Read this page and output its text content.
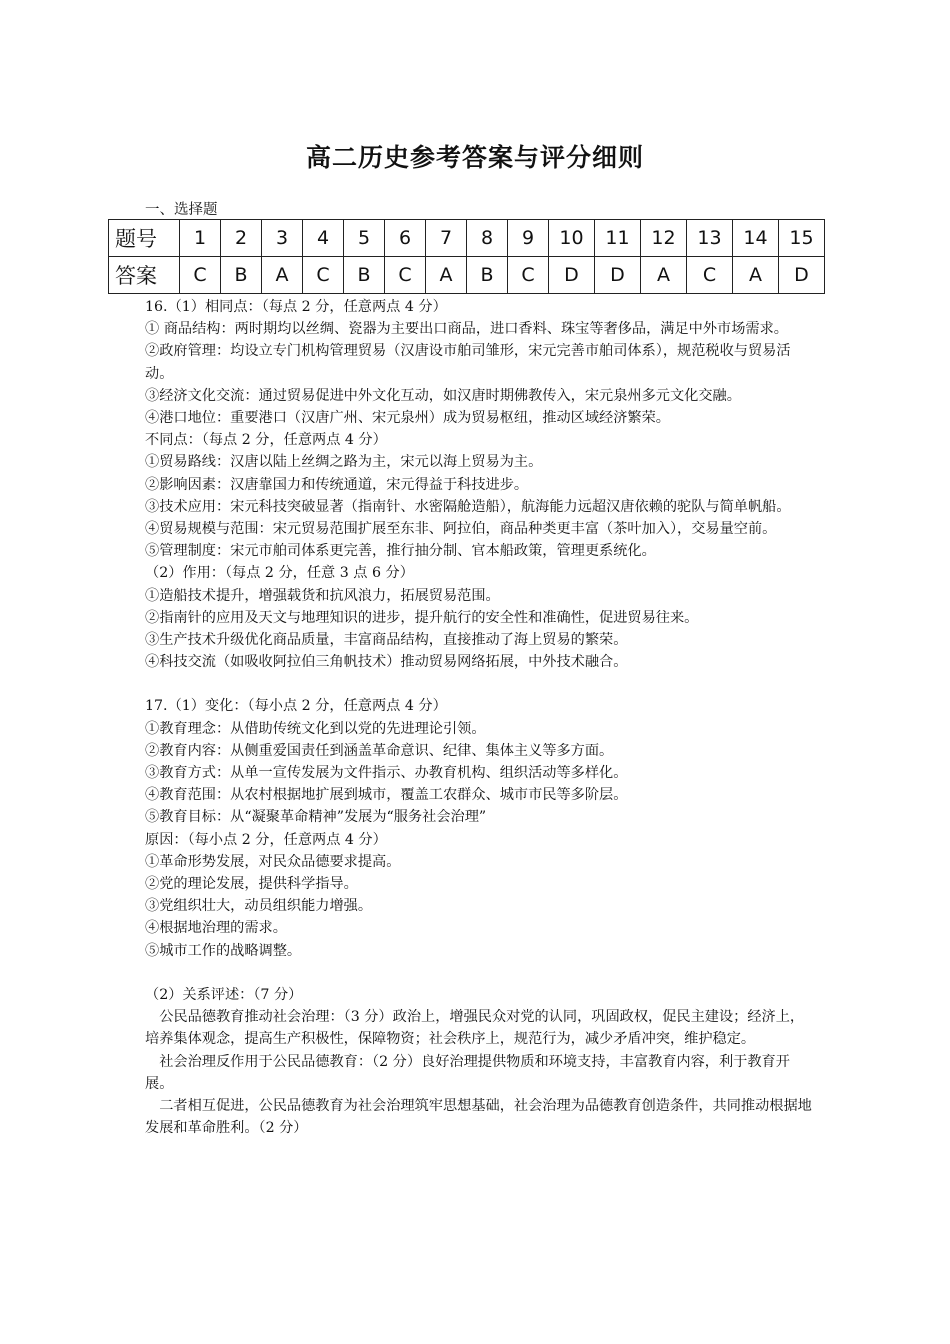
高二历史参考答案与评分细则
一、选择题
题号	1	2	3	4	5	6	7	8	9	10	11	12	13	14	15
答案	C	B	A	C	B	C	A	B	C	D	D	A	C	A	D

16.（1）相同点：（每点 2 分，任意两点 4 分）

① 商品结构：两时期均以丝绸、瓷器为主要出口商品，进口香料、珠宝等奢侈品，满足中外市场需求。

②政府管理：均设立专门机构管理贸易（汉唐设市舶司雏形，宋元完善市舶司体系），规范税收与贸易活动。

③经济文化交流：通过贸易促进中外文化互动，如汉唐时期佛教传入，宋元泉州多元文化交融。

④港口地位：重要港口（汉唐广州、宋元泉州）成为贸易枢纽，推动区域经济繁荣。

不同点：（每点 2 分，任意两点 4 分）

①贸易路线：汉唐以陆上丝绸之路为主，宋元以海上贸易为主。

②影响因素：汉唐靠国力和传统通道，宋元得益于科技进步。

③技术应用：宋元科技突破显著（指南针、水密隔舱造船），航海能力远超汉唐依赖的驼队与简单帆船。

④贸易规模与范围：宋元贸易范围扩展至东非、阿拉伯，商品种类更丰富（茶叶加入），交易量空前。

⑤管理制度：宋元市舶司体系更完善，推行抽分制、官本船政策，管理更系统化。

（2）作用：（每点 2 分，任意 3 点 6 分）

①造船技术提升，增强载货和抗风浪力，拓展贸易范围。

②指南针的应用及天文与地理知识的进步，提升航行的安全性和准确性，促进贸易往来。

③生产技术升级优化商品质量，丰富商品结构，直接推动了海上贸易的繁荣。

④科技交流（如吸收阿拉伯三角帆技术）推动贸易网络拓展，中外技术融合。

17.（1）变化：（每小点 2 分，任意两点 4 分）

①教育理念：从借助传统文化到以党的先进理论引领。

②教育内容：从侧重爱国责任到涵盖革命意识、纪律、集体主义等多方面。

③教育方式：从单一宣传发展为文件指示、办教育机构、组织活动等多样化。

④教育范围：从农村根据地扩展到城市，覆盖工农群众、城市市民等多阶层。

⑤教育目标：从“凝聚革命精神”发展为“服务社会治理”

原因：（每小点 2 分，任意两点 4 分）

①革命形势发展，对民众品德要求提高。

②党的理论发展，提供科学指导。

③党组织壮大，动员组织能力增强。

④根据地治理的需求。

⑤城市工作的战略调整。

（2）关系评述：（7 分）

公民品德教育推动社会治理：（3 分）政治上，增强民众对党的认同，巩固政权，促民主建设；经济上，培养集体观念，提高生产积极性，保障物资；社会秩序上，规范行为，减少矛盾冲突，维护稳定。

社会治理反作用于公民品德教育：（2 分）良好治理提供物质和环境支持，丰富教育内容，利于教育开展。

二者相互促进，公民品德教育为社会治理筑牢思想基础，社会治理为品德教育创造条件，共同推动根据地发展和革命胜利。（2 分）
